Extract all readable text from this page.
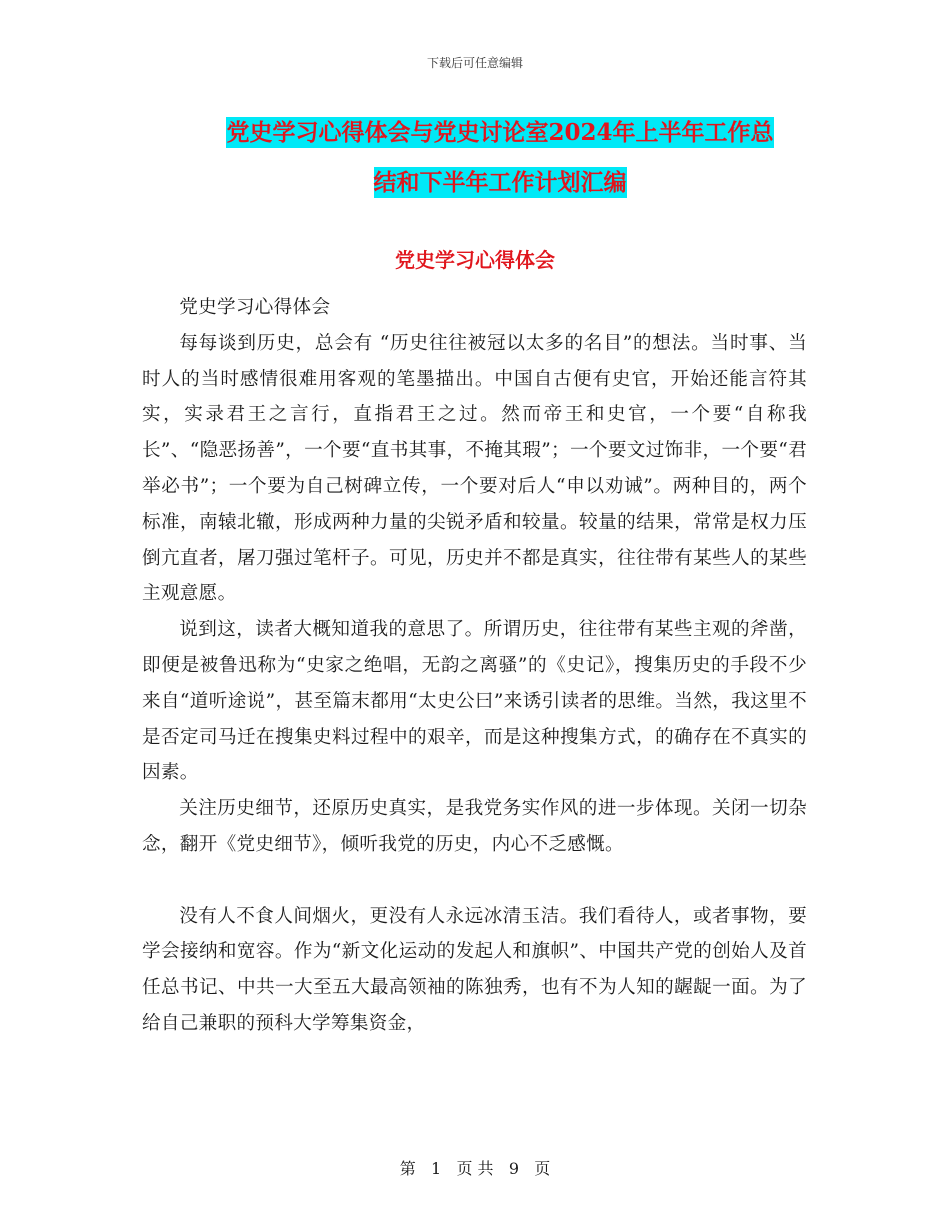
下载后可任意编辑
党史学习心得体会与党史讨论室2024年上半年工作总
结和下半年工作计划汇编
党史学习心得体会

党史学习心得体会

每每谈到历史，总会有 “历史往往被冠以太多的名目”的想法。当时事、当时人的当时感情很难用客观的笔墨描出。中国自古便有史官，开始还能言符其实，实录君王之言行，直指君王之过。然而帝王和史官，一个要“自称我长”、“隐恶扬善”，一个要“直书其事，不掩其瑕”；一个要文过饰非，一个要“君举必书”；一个要为自己树碑立传，一个要对后人“申以劝诫”。两种目的，两个标准，南辕北辙，形成两种力量的尖锐矛盾和较量。较量的结果，常常是权力压倒亢直者，屠刀强过笔杆子。可见，历史并不都是真实，往往带有某些人的某些主观意愿。

说到这，读者大概知道我的意思了。所谓历史，往往带有某些主观的斧凿，即便是被鲁迅称为“史家之绝唱，无韵之离骚”的《史记》，搜集历史的手段不少来自“道听途说”，甚至篇末都用“太史公曰”来诱引读者的思维。当然，我这里不是否定司马迁在搜集史料过程中的艰辛，而是这种搜集方式，的确存在不真实的因素。

关注历史细节，还原历史真实，是我党务实作风的进一步体现。关闭一切杂念，翻开《党史细节》，倾听我党的历史，内心不乏感慨。

没有人不食人间烟火，更没有人永远冰清玉洁。我们看待人，或者事物，要学会接纳和宽容。作为“新文化运动的发起人和旗帜”、中国共产党的创始人及首任总书记、中共一大至五大最高领袖的陈独秀，也有不为人知的龌龊一面。为了给自己兼职的预科大学筹集资金，

第 1 页 共 9 页
